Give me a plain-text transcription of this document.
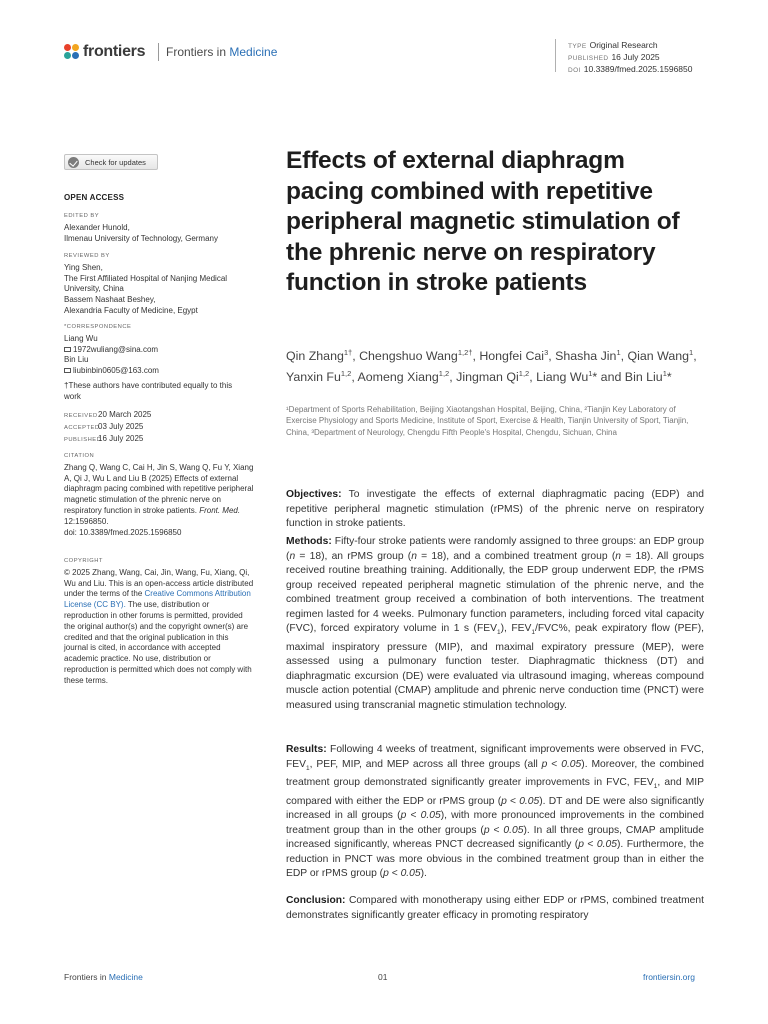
frontiers Frontiers in Medicine	TYPE Original Research
PUBLISHED 16 July 2025
DOI 10.3389/fmed.2025.1596850
Check for updates
OPEN ACCESS
EDITED BY
Alexander Hunold,
Ilmenau University of Technology, Germany
REVIEWED BY
Ying Shen,
The First Affiliated Hospital of Nanjing Medical
University, China
Bassem Nashaat Beshey,
Alexandria Faculty of Medicine, Egypt
*CORRESPONDENCE
Liang Wu
1972wuliang@sina.com
Bin Liu
liubinbin0605@163.com
†These authors have contributed equally to this work
RECEIVED20 March 2025
ACCEPTED03 July 2025
PUBLISHED16 July 2025
CITATION
Zhang Q, Wang C, Cai H, Jin S, Wang Q, Fu Y, Xiang A, Qi J, Wu L and Liu B (2025) Effects of external diaphragm pacing combined with repetitive peripheral magnetic stimulation of the phrenic nerve on respiratory function in stroke patients. Front. Med. 12:1596850.
doi: 10.3389/fmed.2025.1596850
COPYRIGHT
© 2025 Zhang, Wang, Cai, Jin, Wang, Fu, Xiang, Qi, Wu and Liu. This is an open-access article distributed under the terms of the Creative Commons Attribution License (CC BY). The use, distribution or reproduction in other forums is permitted, provided the original author(s) and the copyright owner(s) are credited and that the original publication in this journal is cited, in accordance with accepted academic practice. No use, distribution or reproduction is permitted which does not comply with these terms.
Effects of external diaphragm pacing combined with repetitive peripheral magnetic stimulation of the phrenic nerve on respiratory function in stroke patients
Qin Zhang$^{1\dagger}$, Chengshuo Wang$^{1,2\dagger}$, Hongfei Cai$^3$, Shasha Jin$^1$, Qian Wang$^1$, Yanxin Fu$^{1,2}$, Aomeng Xiang$^{1,2}$, Jingman Qi$^{1,2}$, Liang Wu$^1$* and Bin Liu$^1$*
¹Department of Sports Rehabilitation, Beijing Xiaotangshan Hospital, Beijing, China, ²Tianjin Key Laboratory of Exercise Physiology and Sports Medicine, Institute of Sport, Exercise & Health, Tianjin University of Sport, Tianjin, China, ³Department of Neurology, Chengdu Fifth People's Hospital, Chengdu, Sichuan, China
Objectives: To investigate the effects of external diaphragmatic pacing (EDP) and repetitive peripheral magnetic stimulation (rPMS) of the phrenic nerve on respiratory function in stroke patients.
Methods: Fifty-four stroke patients were randomly assigned to three groups: an EDP group (n = 18), an rPMS group (n = 18), and a combined treatment group (n = 18). All groups received routine breathing training. Additionally, the EDP group underwent EDP, the rPMS group received repeated peripheral magnetic stimulation of the phrenic nerve, and the combined treatment group received a combination of both interventions. The treatment regimen lasted for 4 weeks. Pulmonary function parameters, including forced vital capacity (FVC), forced expiratory volume in 1 s $(FEV_1)$, $FEV_1/FVC\%$, peak expiratory flow (PEF), maximal inspiratory pressure (MIP), and maximal expiratory pressure (MEP), were assessed using a pulmonary function tester. Diaphragmatic thickness (DT) and diaphragmatic excursion (DE) were evaluated via ultrasound imaging, whereas compound muscle action potential (CMAP) amplitude and phrenic nerve conduction time (PNCT) were measured using transcranial magnetic stimulation technology.
Results: Following 4 weeks of treatment, significant improvements were observed in FVC, $FEV_1$, PEF, MIP, and MEP across all three groups (all p < 0.05). Moreover, the combined treatment group demonstrated significantly greater improvements in FVC, $FEV_1$, and MIP compared with either the EDP or rPMS group (p < 0.05). DT and DE were also significantly increased in all groups (p < 0.05), with more pronounced improvements in the combined treatment group than in the other groups (p < 0.05). In all three groups, CMAP amplitude increased significantly, whereas PNCT decreased significantly (p < 0.05). Furthermore, the reduction in PNCT was more obvious in the combined treatment group than in either the EDP or rPMS group (p < 0.05).
Conclusion: Compared with monotherapy using either EDP or rPMS, combined treatment demonstrates significantly greater efficacy in promoting respiratory
Frontiers in Medicine	01	frontiersin.org
